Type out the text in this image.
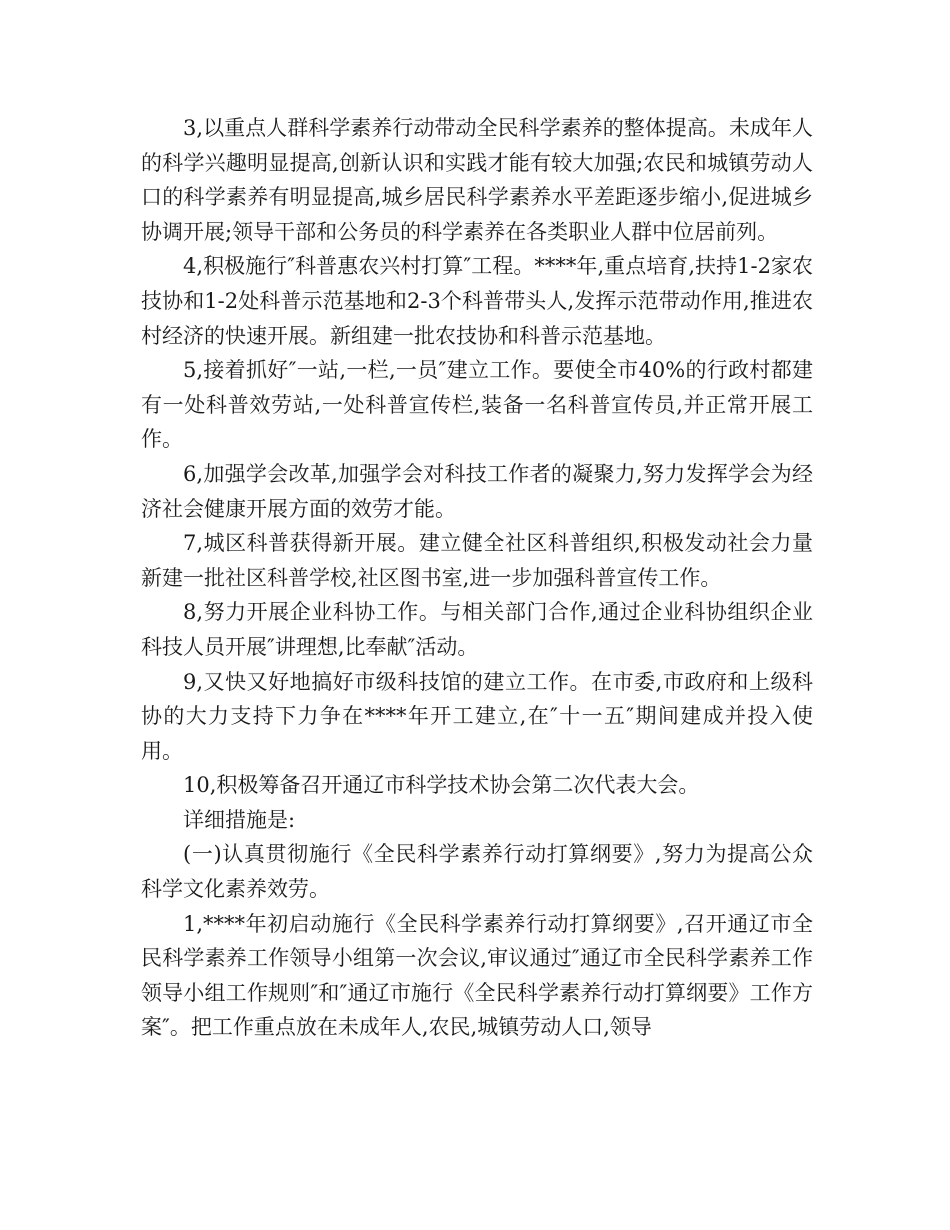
3,以重点人群科学素养行动带动全民科学素养的整体提高。未成年人的科学兴趣明显提高,创新认识和实践才能有较大加强;农民和城镇劳动人口的科学素养有明显提高,城乡居民科学素养水平差距逐步缩小,促进城乡协调开展;领导干部和公务员的科学素养在各类职业人群中位居前列。

4,积极施行″科普惠农兴村打算″工程。****年,重点培育,扶持1-2家农技协和1-2处科普示范基地和2-3个科普带头人,发挥示范带动作用,推进农村经济的快速开展。新组建一批农技协和科普示范基地。

5,接着抓好″一站,一栏,一员″建立工作。要使全市40%的行政村都建有一处科普效劳站,一处科普宣传栏,装备一名科普宣传员,并正常开展工作。

6,加强学会改革,加强学会对科技工作者的凝聚力,努力发挥学会为经济社会健康开展方面的效劳才能。

7,城区科普获得新开展。建立健全社区科普组织,积极发动社会力量新建一批社区科普学校,社区图书室,进一步加强科普宣传工作。

8,努力开展企业科协工作。与相关部门合作,通过企业科协组织企业科技人员开展″讲理想,比奉献″活动。

9,又快又好地搞好市级科技馆的建立工作。在市委,市政府和上级科协的大力支持下力争在****年开工建立,在″十一五″期间建成并投入使用。

10,积极筹备召开通辽市科学技术协会第二次代表大会。

详细措施是:

(一)认真贯彻施行《全民科学素养行动打算纲要》,努力为提高公众科学文化素养效劳。

1,****年初启动施行《全民科学素养行动打算纲要》,召开通辽市全民科学素养工作领导小组第一次会议,审议通过″通辽市全民科学素养工作领导小组工作规则″和″通辽市施行《全民科学素养行动打算纲要》工作方案″。把工作重点放在未成年人,农民,城镇劳动人口,领导
